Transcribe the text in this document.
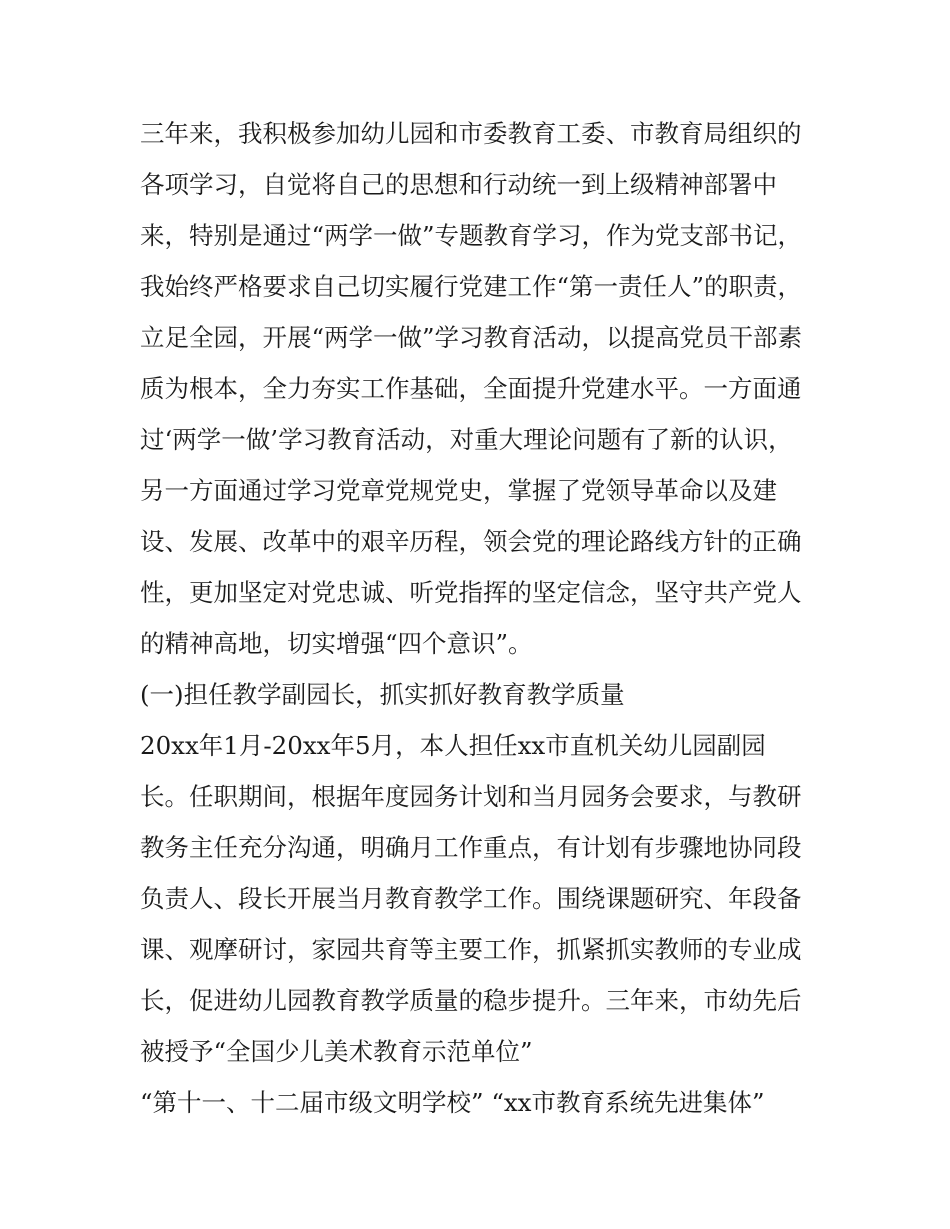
三年来，我积极参加幼儿园和市委教育工委、市教育局组织的
各项学习，自觉将自己的思想和行动统一到上级精神部署中
来，特别是通过“两学一做”专题教育学习，作为党支部书记，
我始终严格要求自己切实履行党建工作“第一责任人”的职责，
立足全园，开展“两学一做”学习教育活动，以提高党员干部素
质为根本，全力夯实工作基础，全面提升党建水平。一方面通
过‘两学一做’学习教育活动，对重大理论问题有了新的认识，
另一方面通过学习党章党规党史，掌握了党领导革命以及建
设、发展、改革中的艰辛历程，领会党的理论路线方针的正确
性，更加坚定对党忠诚、听党指挥的坚定信念，坚守共产党人
的精神高地，切实增强“四个意识”。
(一)担任教学副园长，抓实抓好教育教学质量
20xx年1月-20xx年5月，本人担任xx市直机关幼儿园副园
长。任职期间，根据年度园务计划和当月园务会要求，与教研
教务主任充分沟通，明确月工作重点，有计划有步骤地协同段
负责人、段长开展当月教育教学工作。围绕课题研究、年段备
课、观摩研讨，家园共育等主要工作，抓紧抓实教师的专业成
长，促进幼儿园教育教学质量的稳步提升。三年来，市幼先后
被授予“全国少儿美术教育示范单位”
“第十一、十二届市级文明学校” “xx市教育系统先进集体”
